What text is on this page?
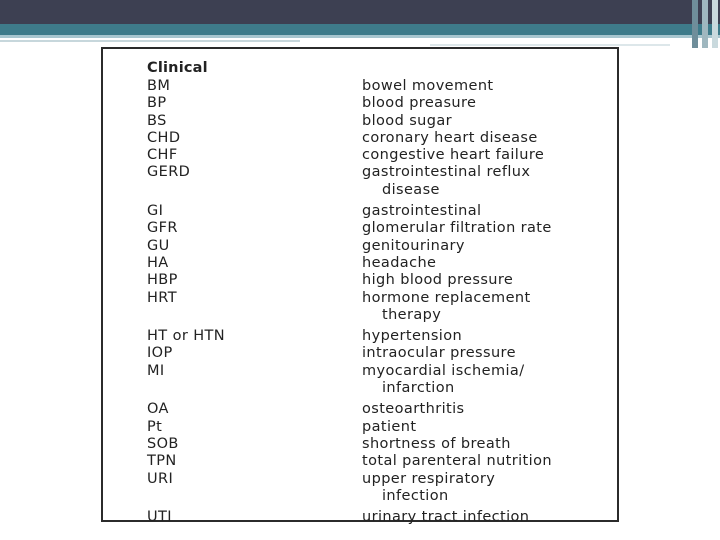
Clinical
BM	bowel movement
BP	blood preasure
BS	blood sugar
CHD	coronary heart disease
CHF	congestive heart failure
GERD	gastrointestinal reflux
disease
GI	gastrointestinal
GFR	glomerular filtration rate
GU	genitourinary
HA	headache
HBP	high blood pressure
HRT	hormone replacement
therapy
HT or HTN	hypertension
IOP	intraocular pressure
MI	myocardial ischemia/
infarction
OA	osteoarthritis
Pt	patient
SOB	shortness of breath
TPN	total parenteral nutrition
URI	upper respiratory
infection
UTI	urinary tract infection
